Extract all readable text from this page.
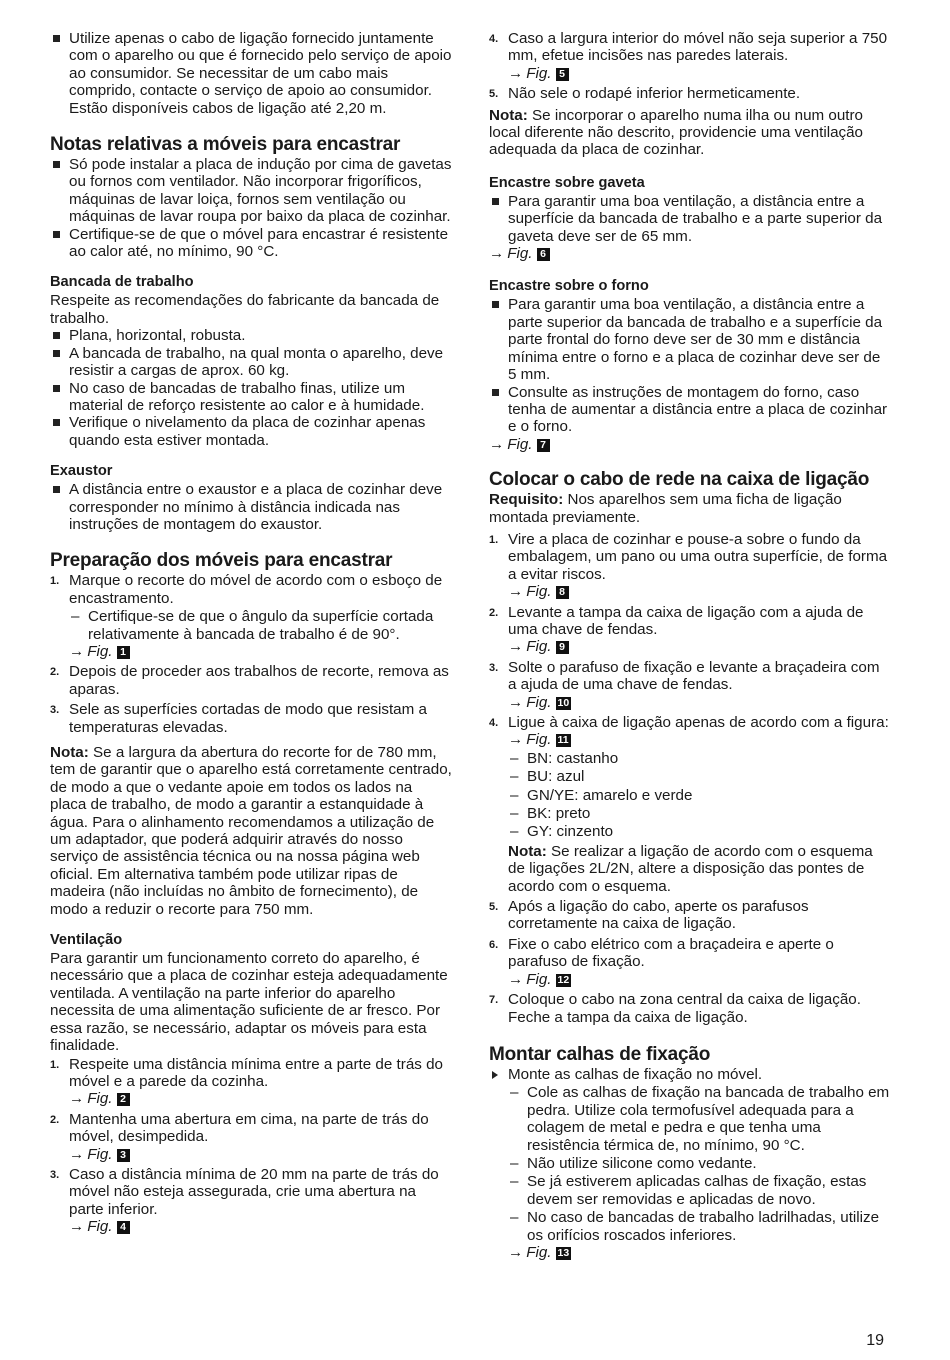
Utilize apenas o cabo de ligação fornecido juntamente com o aparelho ou que é fornecido pelo serviço de apoio ao consumidor. Se necessitar de um cabo mais comprido, contacte o serviço de apoio ao consumidor. Estão disponíveis cabos de ligação até 2,20 m.
Notas relativas a móveis para encastrar
Só pode instalar a placa de indução por cima de gavetas ou fornos com ventilador. Não incorporar frigoríficos, máquinas de lavar loiça, fornos sem ventilação ou máquinas de lavar roupa por baixo da placa de cozinhar.
Certifique-se de que o móvel para encastrar é resistente ao calor até, no mínimo, 90 °C.
Bancada de trabalho

Respeite as recomendações do fabricante da bancada de trabalho.

Plana, horizontal, robusta.
A bancada de trabalho, na qual monta o aparelho, deve resistir a cargas de aprox. 60 kg.
No caso de bancadas de trabalho finas, utilize um material de reforço resistente ao calor e à humidade.
Verifique o nivelamento da placa de cozinhar apenas quando esta estiver montada.
Exaustor
A distância entre o exaustor e a placa de cozinhar deve corresponder no mínimo à distância indicada nas instruções de montagem do exaustor.
Preparação dos móveis para encastrar
1. Marque o recorte do móvel de acordo com o esboço de encastramento.
– Certifique-se de que o ângulo da superfície cortada relativamente à bancada de trabalho é de 90°.
→ Fig. 1
2. Depois de proceder aos trabalhos de recorte, remova as aparas.
3. Sele as superfícies cortadas de modo que resistam a temperaturas elevadas.

Nota: Se a largura da abertura do recorte for de 780 mm, tem de garantir que o aparelho está corretamente centrado, de modo a que o vedante apoie em todos os lados na placa de trabalho, de modo a garantir a estanquidade à água. Para o alinhamento recomendamos a utilização de um adaptador, que poderá adquirir através do nosso serviço de assistência técnica ou na nossa página web oficial. Em alternativa também pode utilizar ripas de madeira (não incluídas no âmbito de fornecimento), de modo a reduzir o recorte para 750 mm.

Ventilação

Para garantir um funcionamento correto do aparelho, é necessário que a placa de cozinhar esteja adequadamente ventilada. A ventilação na parte inferior do aparelho necessita de uma alimentação suficiente de ar fresco. Por essa razão, se necessário, adaptar os móveis para esta finalidade.

1. Respeite uma distância mínima entre a parte de trás do móvel e a parede da cozinha.
→ Fig. 2
2. Mantenha uma abertura em cima, na parte de trás do móvel, desimpedida.
→ Fig. 3
3. Caso a distância mínima de 20 mm na parte de trás do móvel não esteja assegurada, crie uma abertura na parte inferior.
→ Fig. 4
4. Caso a largura interior do móvel não seja superior a 750 mm, efetue incisões nas paredes laterais.
→ Fig. 5
5. Não sele o rodapé inferior hermeticamente.

Nota: Se incorporar o aparelho numa ilha ou num outro local diferente não descrito, providencie uma ventilação adequada da placa de cozinhar.

Encastre sobre gaveta
Para garantir uma boa ventilação, a distância entre a superfície da bancada de trabalho e a parte superior da gaveta deve ser de 65 mm.
→ Fig. 6
Encastre sobre o forno
Para garantir uma boa ventilação, a distância entre a parte superior da bancada de trabalho e a superfície da parte frontal do forno deve ser de 30 mm e distância mínima entre o forno e a placa de cozinhar deve ser de 5 mm.
Consulte as instruções de montagem do forno, caso tenha de aumentar a distância entre a placa de cozinhar e o forno.
→ Fig. 7
Colocar o cabo de rede na caixa de ligação

Requisito: Nos aparelhos sem uma ficha de ligação montada previamente.

1. Vire a placa de cozinhar e pouse-a sobre o fundo da embalagem, um pano ou uma outra superfície, de forma a evitar riscos.
→ Fig. 8
2. Levante a tampa da caixa de ligação com a ajuda de uma chave de fendas.
→ Fig. 9
3. Solte o parafuso de fixação e levante a braçadeira com a ajuda de uma chave de fendas.
→ Fig. 10
4. Ligue à caixa de ligação apenas de acordo com a figura:
→ Fig. 11
– BN: castanho
– BU: azul
– GN/YE: amarelo e verde
– BK: preto
– GY: cinzento

Nota: Se realizar a ligação de acordo com o esquema de ligações 2L/2N, altere a disposição das pontes de acordo com o esquema.

5. Após a ligação do cabo, aperte os parafusos corretamente na caixa de ligação.
6. Fixe o cabo elétrico com a braçadeira e aperte o parafuso de fixação.
→ Fig. 12
7. Coloque o cabo na zona central da caixa de ligação. Feche a tampa da caixa de ligação.
Montar calhas de fixação
Monte as calhas de fixação no móvel.
– Cole as calhas de fixação na bancada de trabalho em pedra. Utilize cola termofusível adequada para a colagem de metal e pedra e que tenha uma resistência térmica de, no mínimo, 90 °C.
– Não utilize silicone como vedante.
– Se já estiverem aplicadas calhas de fixação, estas devem ser removidas e aplicadas de novo.
– No caso de bancadas de trabalho ladrilhadas, utilize os orifícios roscados inferiores.
→ Fig. 13
19
